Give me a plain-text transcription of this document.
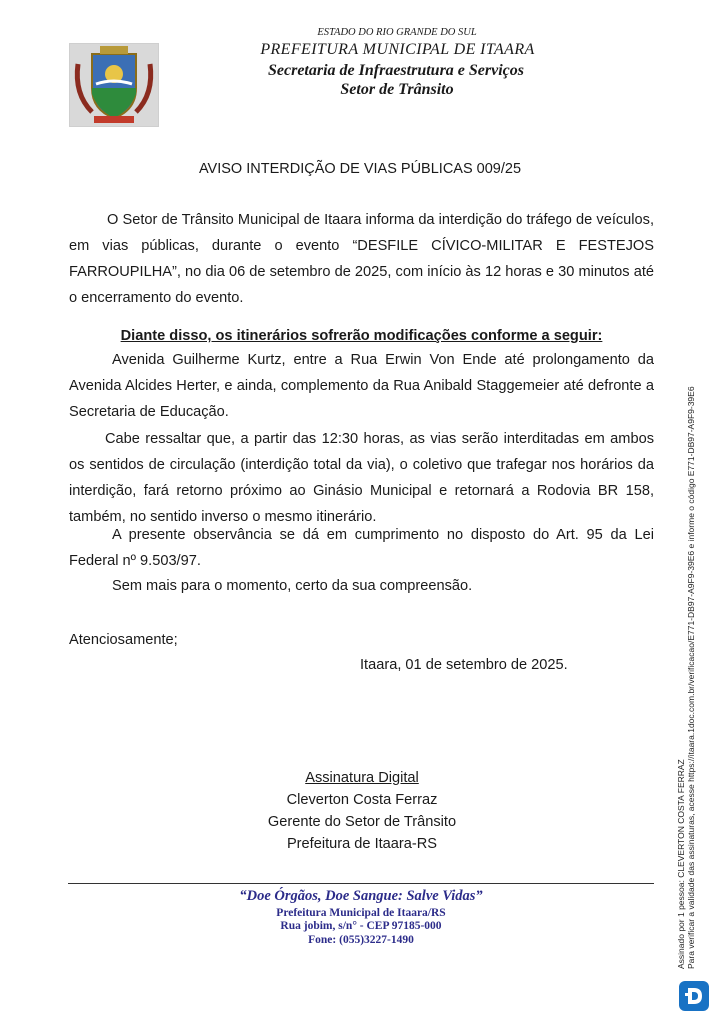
ESTADO DO RIO GRANDE DO SUL
PREFEITURA MUNICIPAL DE ITAARA
Secretaria de Infraestrutura e Serviços
Setor de Trânsito
AVISO INTERDIÇÃO DE VIAS PÚBLICAS 009/25

O Setor de Trânsito Municipal de Itaara informa da interdição do tráfego de veículos, em vias públicas, durante o evento “DESFILE CÍVICO-MILITAR E FESTEJOS FARROUPILHA”, no dia 06 de setembro de 2025, com início às 12 horas e 30 minutos até o encerramento do evento.

Diante disso, os itinerários sofrerão modificações conforme a seguir:

Avenida Guilherme Kurtz, entre a Rua Erwin Von Ende até prolongamento da Avenida Alcides Herter, e ainda, complemento da Rua Anibald Staggemeier até defronte a Secretaria de Educação.

Cabe ressaltar que, a partir das 12:30 horas, as vias serão interditadas em ambos os sentidos de circulação (interdição total da via), o coletivo que trafegar nos horários da interdição, fará retorno próximo ao Ginásio Municipal e retornará a Rodovia BR 158, também, no sentido inverso o mesmo itinerário.

A presente observância se dá em cumprimento no disposto do Art. 95 da Lei Federal nº 9.503/97.

Sem mais para o momento, certo da sua compreensão.

Atenciosamente;
Itaara, 01 de setembro de 2025.
Assinatura Digital
Cleverton Costa Ferraz
Gerente do Setor de Trânsito
Prefeitura de Itaara-RS
“Doe Órgãos, Doe Sangue: Salve Vidas”
Prefeitura Municipal de Itaara/RS
Rua jobim, s/n° - CEP 97185-000
Fone: (055)3227-1490	Assinado por 1 pessoa: CLEVERTON COSTA FERRAZ Para verificar a validade das assinaturas, acesse https://itaara.1doc.com.br/verificacao/E771-DB97-A9F9-39E6 e informe o código E771-DB97-A9F9-39E6
